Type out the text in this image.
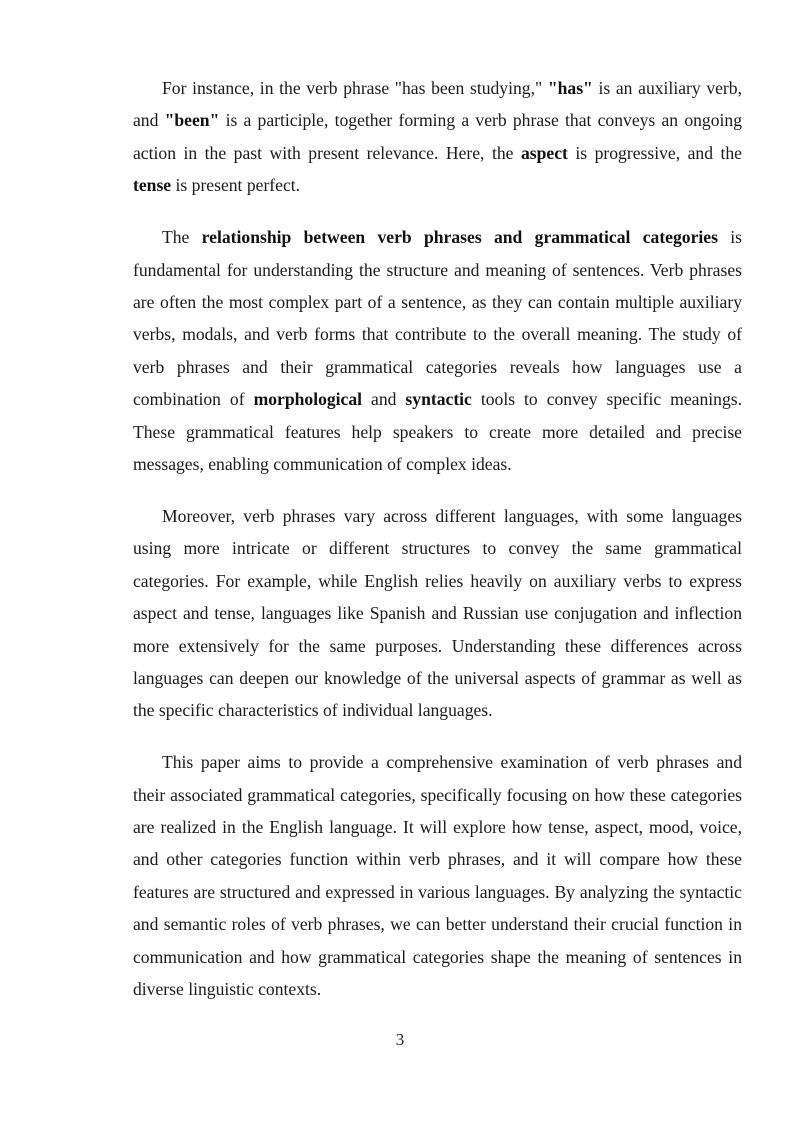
For instance, in the verb phrase "has been studying," "has" is an auxiliary verb, and "been" is a participle, together forming a verb phrase that conveys an ongoing action in the past with present relevance. Here, the aspect is progressive, and the tense is present perfect.

The relationship between verb phrases and grammatical categories is fundamental for understanding the structure and meaning of sentences. Verb phrases are often the most complex part of a sentence, as they can contain multiple auxiliary verbs, modals, and verb forms that contribute to the overall meaning. The study of verb phrases and their grammatical categories reveals how languages use a combination of morphological and syntactic tools to convey specific meanings. These grammatical features help speakers to create more detailed and precise messages, enabling communication of complex ideas.

Moreover, verb phrases vary across different languages, with some languages using more intricate or different structures to convey the same grammatical categories. For example, while English relies heavily on auxiliary verbs to express aspect and tense, languages like Spanish and Russian use conjugation and inflection more extensively for the same purposes. Understanding these differences across languages can deepen our knowledge of the universal aspects of grammar as well as the specific characteristics of individual languages.

This paper aims to provide a comprehensive examination of verb phrases and their associated grammatical categories, specifically focusing on how these categories are realized in the English language. It will explore how tense, aspect, mood, voice, and other categories function within verb phrases, and it will compare how these features are structured and expressed in various languages. By analyzing the syntactic and semantic roles of verb phrases, we can better understand their crucial function in communication and how grammatical categories shape the meaning of sentences in diverse linguistic contexts.

3
